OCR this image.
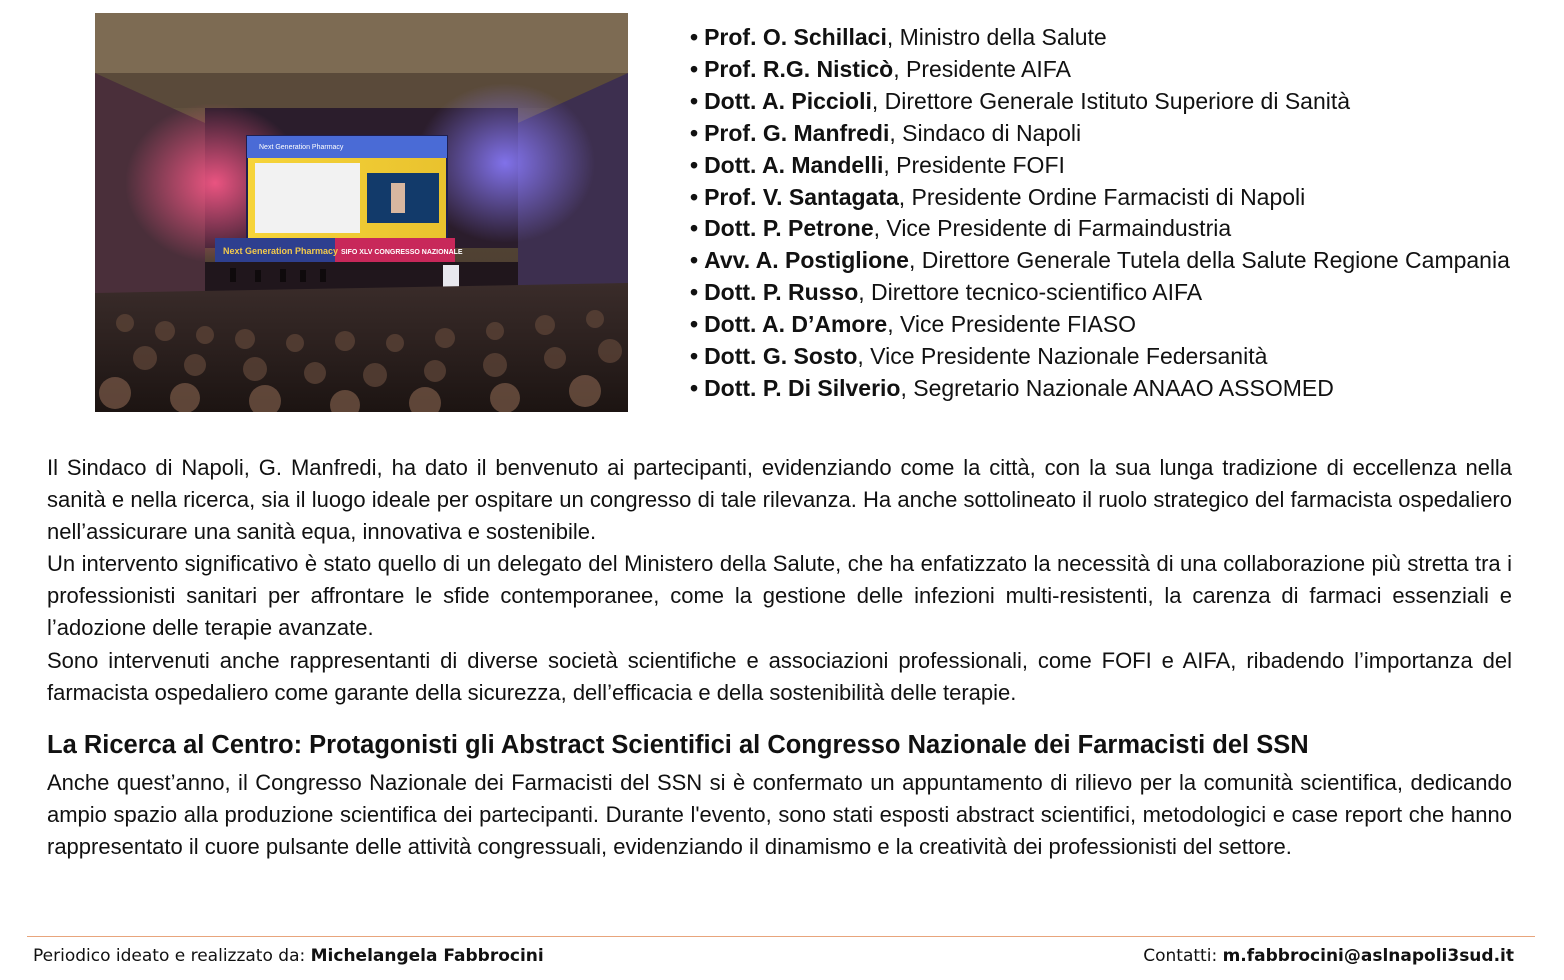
Next Generation Pharmacy
Next Generation Pharmacy SIFO XLV CONGRESSO NAZIONALE
• Prof. O. Schillaci, Ministro della Salute
• Prof. R.G. Nisticò, Presidente AIFA
• Dott. A. Piccioli, Direttore Generale Istituto Superiore di Sanità
• Prof. G. Manfredi, Sindaco di Napoli
• Dott. A. Mandelli, Presidente FOFI
• Prof. V. Santagata, Presidente Ordine Farmacisti di Napoli
• Dott. P. Petrone, Vice Presidente di Farmaindustria
• Avv. A. Postiglione, Direttore Generale Tutela della Salute Regione Campania
• Dott. P. Russo, Direttore tecnico-scientifico AIFA
• Dott. A. D’Amore, Vice Presidente FIASO
• Dott. G. Sosto, Vice Presidente Nazionale Federsanità
• Dott. P. Di Silverio, Segretario Nazionale ANAAO ASSOMED

Il Sindaco di Napoli, G. Manfredi, ha dato il benvenuto ai partecipanti, evidenziando come la città, con la sua lunga tradizione di eccellenza nella sanità e nella ricerca, sia il luogo ideale per ospitare un congresso di tale rilevanza. Ha anche sottolineato il ruolo strategico del farmacista ospedaliero nell’assicurare una sanità equa, innovativa e sostenibile.

Un intervento significativo è stato quello di un delegato del Ministero della Salute, che ha enfatizzato la necessità di una collaborazione più stretta tra i professionisti sanitari per affrontare le sfide contemporanee, come la gestione delle infezioni multi-resistenti, la carenza di farmaci essenziali e l’adozione delle terapie avanzate.

Sono intervenuti anche rappresentanti di diverse società scientifiche e associazioni professionali, come FOFI e AIFA, ribadendo l’importanza del farmacista ospedaliero come garante della sicurezza, dell’efficacia e della sostenibilità delle terapie.

La Ricerca al Centro: Protagonisti gli Abstract Scientifici al Congresso Nazionale dei Farmacisti del SSN

Anche quest’anno, il Congresso Nazionale dei Farmacisti del SSN si è confermato un appuntamento di rilievo per la comunità scientifica, dedicando ampio spazio alla produzione scientifica dei partecipanti. Durante l'evento, sono stati esposti abstract scientifici, metodologici e case report che hanno rappresentato il cuore pulsante delle attività congressuali, evidenziando il dinamismo e la creatività dei professionisti del settore.

Periodico ideato e realizzato da: Michelangela Fabbrocini	Contatti: m.fabbrocini@aslnapoli3sud.it
